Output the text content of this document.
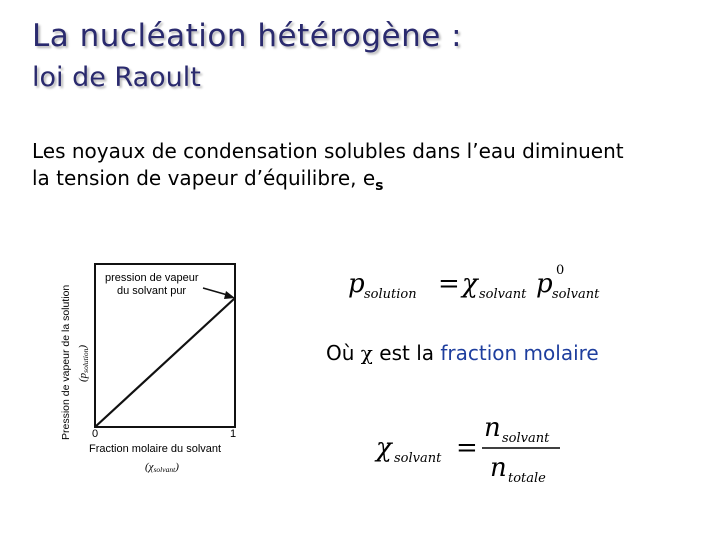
La nucléation hétérogène :
loi de Raoult
Les noyaux de condensation solubles dans l’eau diminuent
la tension de vapeur d’équilibre, $e_s$
Pression de vapeur de la solution (psolution)
pression de vapeur
du solvant pur
0	1
Fraction molaire du solvant
(χsolvant)
p solution = χ solvant p 0
solvant
Où χ est la fraction molaire
χ solvant =
n solvant
n totale
